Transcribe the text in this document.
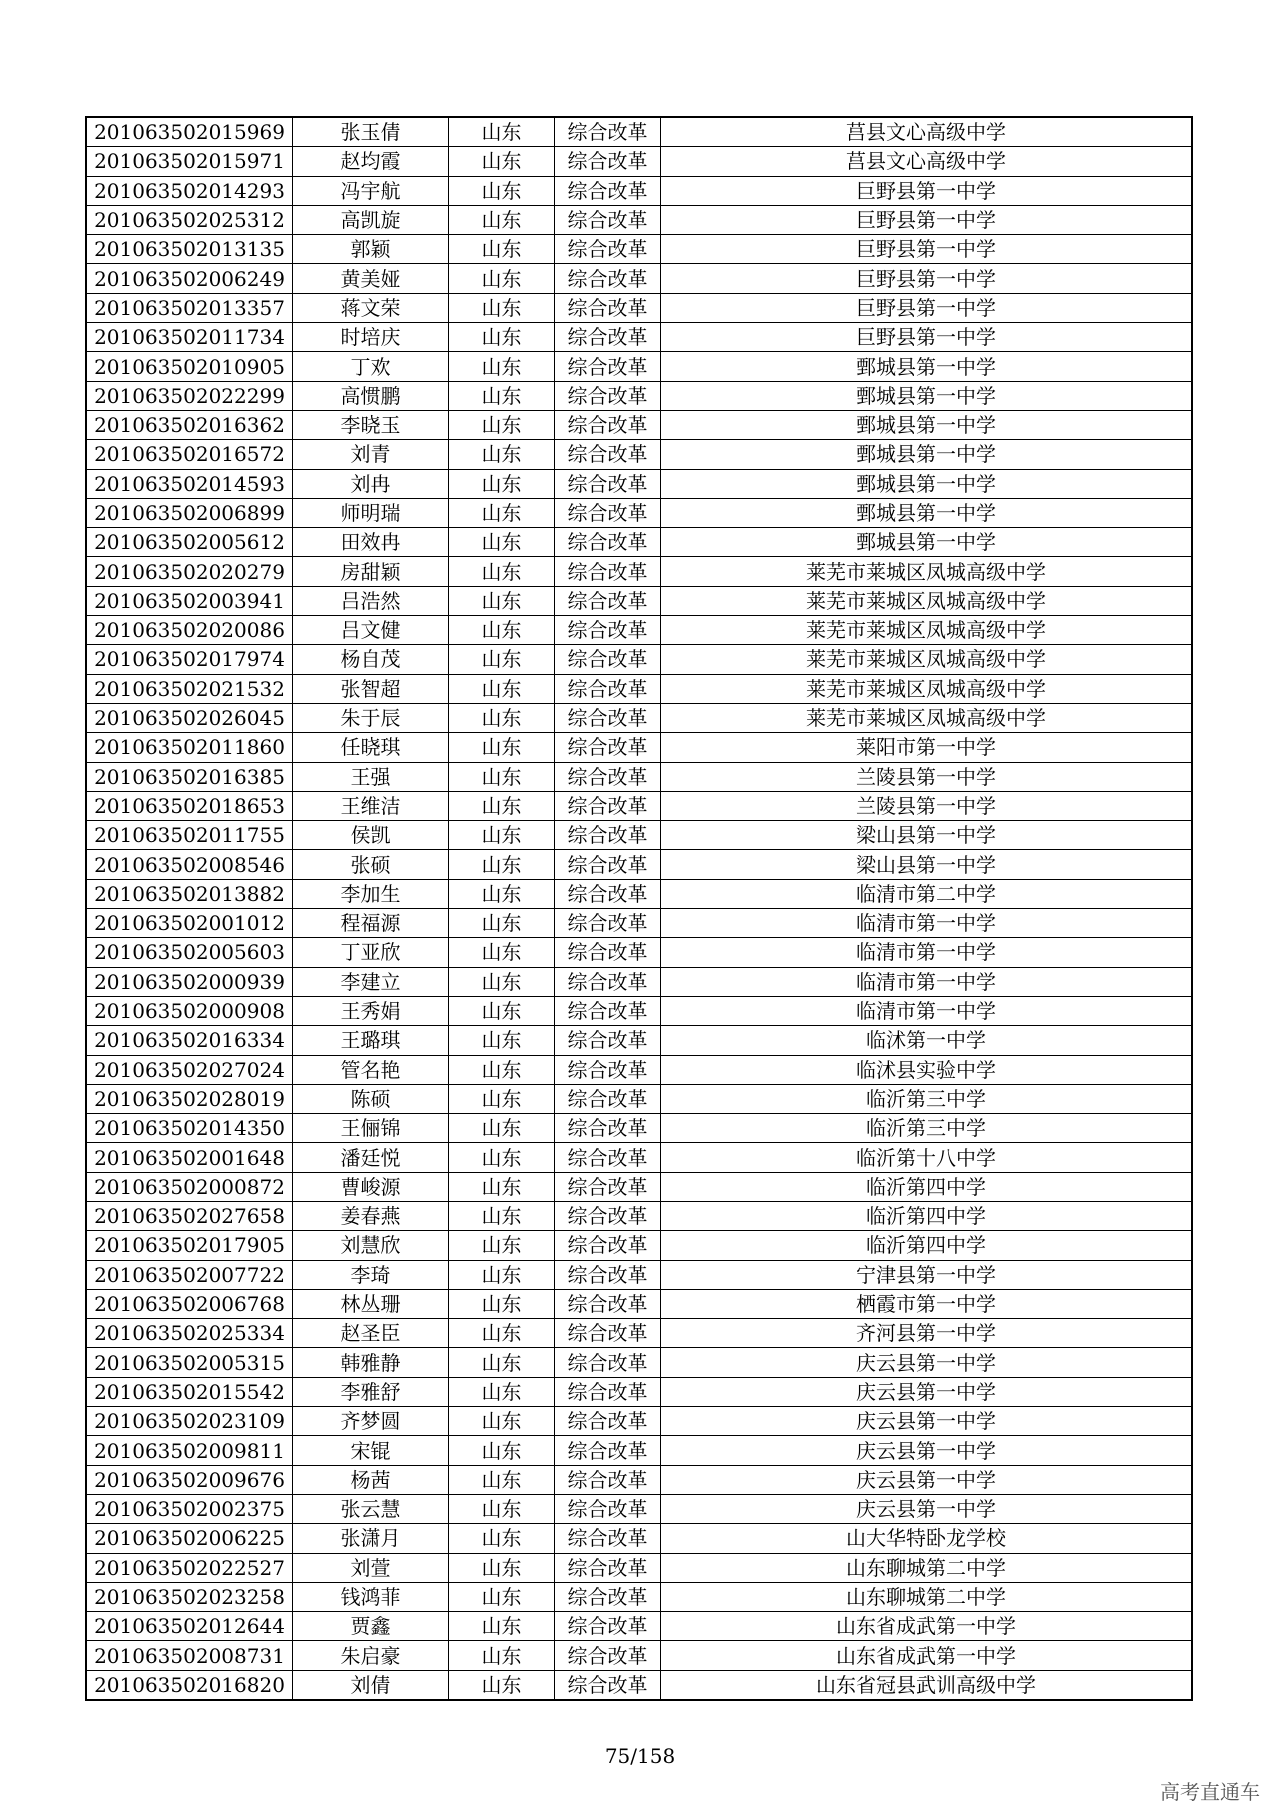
201063502015969	张玉倩	山东	综合改革	莒县文心高级中学
201063502015971	赵均霞	山东	综合改革	莒县文心高级中学
201063502014293	冯宇航	山东	综合改革	巨野县第一中学
201063502025312	高凯旋	山东	综合改革	巨野县第一中学
201063502013135	郭颖	山东	综合改革	巨野县第一中学
201063502006249	黄美娅	山东	综合改革	巨野县第一中学
201063502013357	蒋文荣	山东	综合改革	巨野县第一中学
201063502011734	时培庆	山东	综合改革	巨野县第一中学
201063502010905	丁欢	山东	综合改革	鄄城县第一中学
201063502022299	高惯鹏	山东	综合改革	鄄城县第一中学
201063502016362	李晓玉	山东	综合改革	鄄城县第一中学
201063502016572	刘青	山东	综合改革	鄄城县第一中学
201063502014593	刘冉	山东	综合改革	鄄城县第一中学
201063502006899	师明瑞	山东	综合改革	鄄城县第一中学
201063502005612	田效冉	山东	综合改革	鄄城县第一中学
201063502020279	房甜颖	山东	综合改革	莱芜市莱城区凤城高级中学
201063502003941	吕浩然	山东	综合改革	莱芜市莱城区凤城高级中学
201063502020086	吕文健	山东	综合改革	莱芜市莱城区凤城高级中学
201063502017974	杨自茂	山东	综合改革	莱芜市莱城区凤城高级中学
201063502021532	张智超	山东	综合改革	莱芜市莱城区凤城高级中学
201063502026045	朱于辰	山东	综合改革	莱芜市莱城区凤城高级中学
201063502011860	任晓琪	山东	综合改革	莱阳市第一中学
201063502016385	王强	山东	综合改革	兰陵县第一中学
201063502018653	王维洁	山东	综合改革	兰陵县第一中学
201063502011755	侯凯	山东	综合改革	梁山县第一中学
201063502008546	张硕	山东	综合改革	梁山县第一中学
201063502013882	李加生	山东	综合改革	临清市第二中学
201063502001012	程福源	山东	综合改革	临清市第一中学
201063502005603	丁亚欣	山东	综合改革	临清市第一中学
201063502000939	李建立	山东	综合改革	临清市第一中学
201063502000908	王秀娟	山东	综合改革	临清市第一中学
201063502016334	王璐琪	山东	综合改革	临沭第一中学
201063502027024	管名艳	山东	综合改革	临沭县实验中学
201063502028019	陈硕	山东	综合改革	临沂第三中学
201063502014350	王俪锦	山东	综合改革	临沂第三中学
201063502001648	潘廷悦	山东	综合改革	临沂第十八中学
201063502000872	曹峻源	山东	综合改革	临沂第四中学
201063502027658	姜春燕	山东	综合改革	临沂第四中学
201063502017905	刘慧欣	山东	综合改革	临沂第四中学
201063502007722	李琦	山东	综合改革	宁津县第一中学
201063502006768	林丛珊	山东	综合改革	栖霞市第一中学
201063502025334	赵圣臣	山东	综合改革	齐河县第一中学
201063502005315	韩雅静	山东	综合改革	庆云县第一中学
201063502015542	李雅舒	山东	综合改革	庆云县第一中学
201063502023109	齐梦圆	山东	综合改革	庆云县第一中学
201063502009811	宋锟	山东	综合改革	庆云县第一中学
201063502009676	杨茜	山东	综合改革	庆云县第一中学
201063502002375	张云慧	山东	综合改革	庆云县第一中学
201063502006225	张潇月	山东	综合改革	山大华特卧龙学校
201063502022527	刘萱	山东	综合改革	山东聊城第二中学
201063502023258	钱鸿菲	山东	综合改革	山东聊城第二中学
201063502012644	贾鑫	山东	综合改革	山东省成武第一中学
201063502008731	朱启豪	山东	综合改革	山东省成武第一中学
201063502016820	刘倩	山东	综合改革	山东省冠县武训高级中学
75/158
高考直通车
